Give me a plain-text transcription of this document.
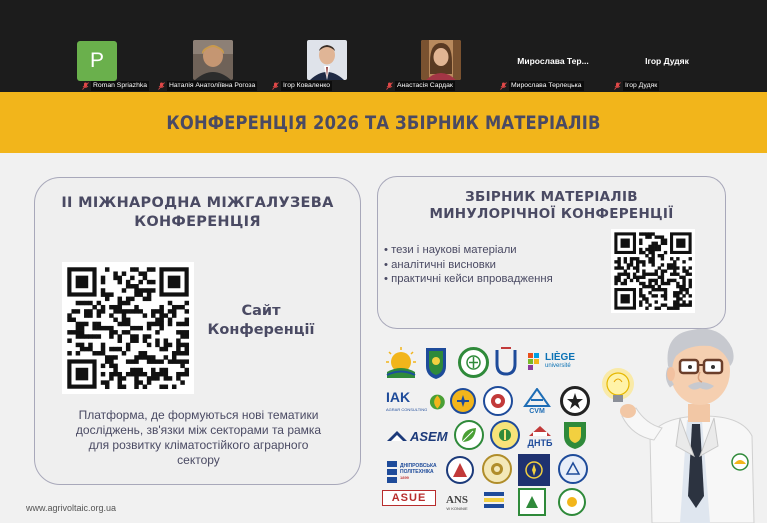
P
Roman Spriazhka	Наталія Анатоліївна Рогоза	Ігор Коваленко	Анастасія Сардак
Мирослава Тер...
Мирослава Терлецька
Ігор Дудяк
Ігор Дудяк
КОНФЕРЕНЦІЯ 2026 ТА ЗБІРНИК МАТЕРІАЛІВ
II МІЖНАРОДНА МІЖГАЛУЗЕВА
КОНФЕРЕНЦІЯ
Сайт
Конференції
Платформа, де формуються нові тематики
досліджень, зв'язки між секторами та рамка
для розвитку кліматостійкого аграрного
сектору
ЗБІРНИК МАТЕРІАЛІВ
МИНУЛОРІЧНОЇ КОНФЕРЕНЦІЇ
• тези і наукові матеріали
• аналітичні висновки
• практичні кейси впровадження
LIÈGE
université
IAK
AGRAR CONSULTING	CVM
ASEM	ДНТБ
ДНІПРОВСЬКА
ПОЛІТЕХНІКА
1899
ASUE ANS
W KONINIE
www.agrivoltaic.org.ua
